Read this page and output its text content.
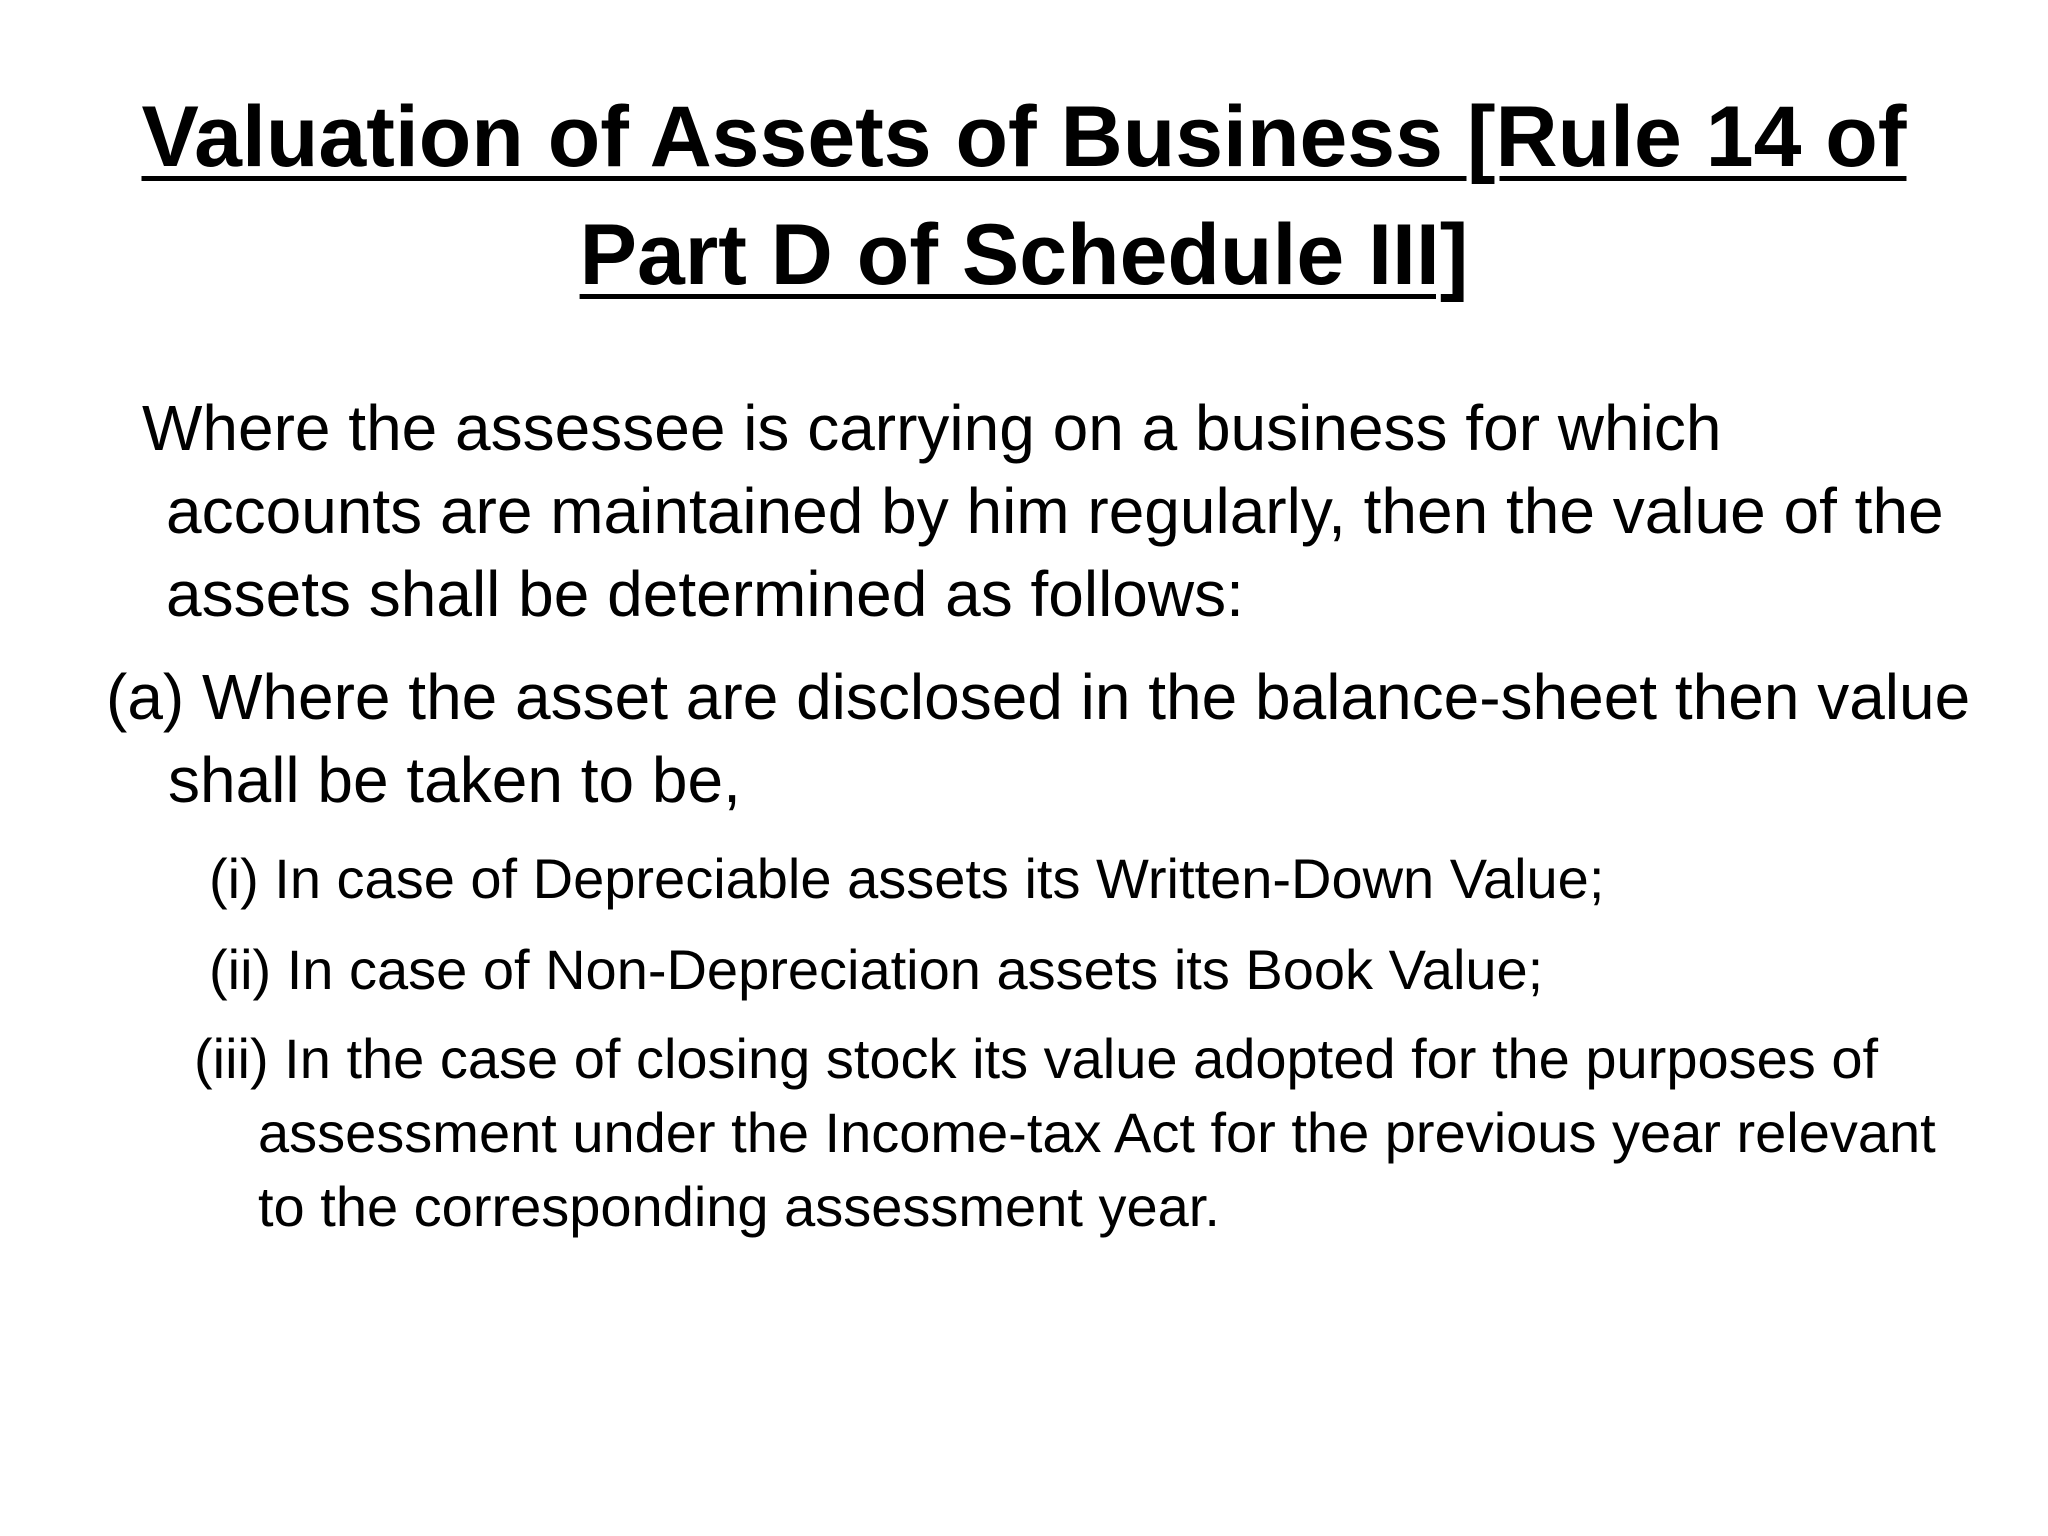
Valuation of Assets of Business [Rule 14 of Part D of Schedule III]

Where the assessee is carrying on a business for which accounts are maintained by him regularly, then the value of the assets shall be determined as follows:

(a) Where the asset are disclosed in the balance-sheet then value shall be taken to be,

(i) In case of Depreciable assets its Written-Down Value;

(ii) In case of Non-Depreciation assets its Book Value;

(iii) In the case of closing stock its value adopted for the purposes of assessment under the Income-tax Act for the previous year relevant to the corresponding assessment year.
